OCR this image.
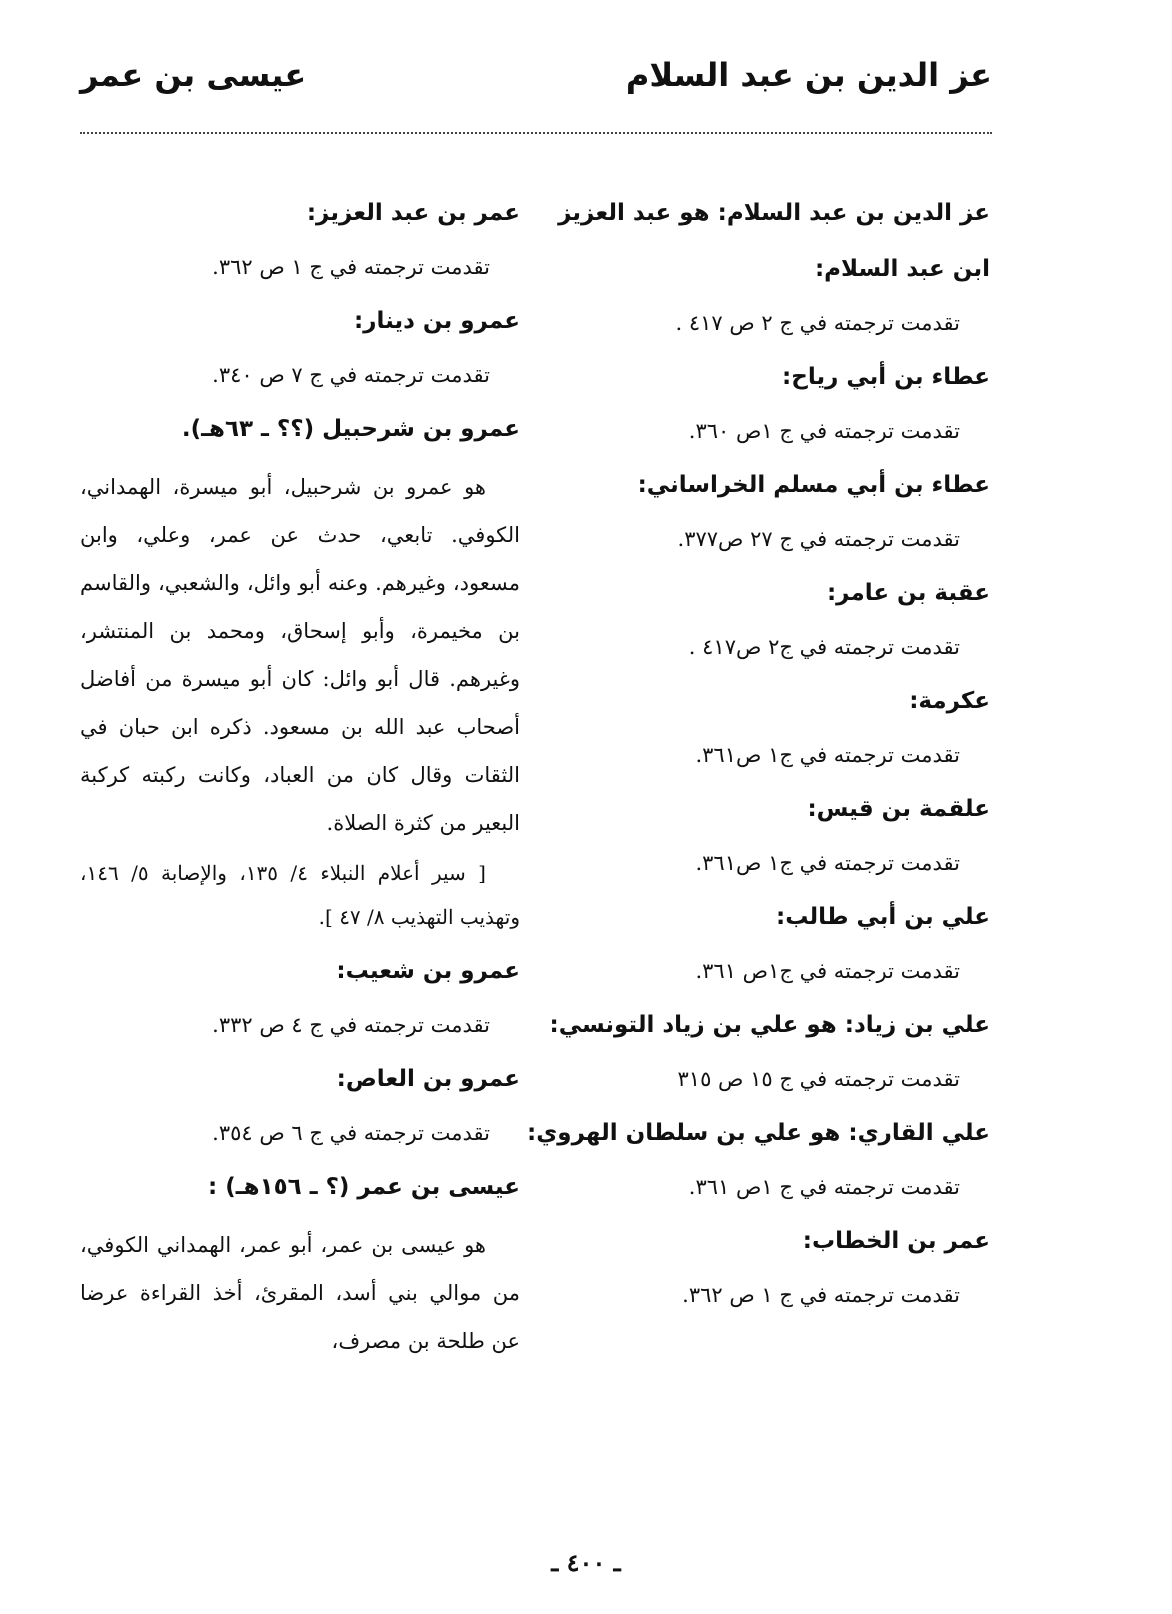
عز الدين بن عبد السلام
عيسى بن عمر
عز الدين بن عبد السلام: هو عبد العزيز
ابن عبد السلام:
تقدمت ترجمته في ج ٢ ص ٤١٧ .
عطاء بن أبي رياح:
تقدمت ترجمته في ج ١ص ٣٦٠.
عطاء بن أبي مسلم الخراساني:
تقدمت ترجمته في ج ٢٧ ص٣٧٧.
عقبة بن عامر:
تقدمت ترجمته في ج٢ ص٤١٧ .
عكرمة:
تقدمت ترجمته في ج١ ص٣٦١.
علقمة بن قيس:
تقدمت ترجمته في ج١ ص٣٦١.
علي بن أبي طالب:
تقدمت ترجمته في ج١ص ٣٦١.
علي بن زياد: هو علي بن زياد التونسي:
تقدمت ترجمته في ج ١٥ ص ٣١٥
علي القاري: هو علي بن سلطان الهروي:
تقدمت ترجمته في ج ١ص ٣٦١.
عمر بن الخطاب:
تقدمت ترجمته في ج ١ ص ٣٦٢.
عمر بن عبد العزيز:
تقدمت ترجمته في ج ١ ص ٣٦٢.
عمرو بن دينار:
تقدمت ترجمته في ج ٧ ص ٣٤٠.
عمرو بن شرحبيل (؟؟ ـ ٦٣هـ).

هو عمرو بن شرحبيل، أبو ميسرة، الهمداني، الكوفي. تابعي، حدث عن عمر، وعلي، وابن مسعود، وغيرهم. وعنه أبو وائل، والشعبي، والقاسم بن مخيمرة، وأبو إسحاق، ومحمد بن المنتشر، وغيرهم. قال أبو وائل: كان أبو ميسرة من أفاضل أصحاب عبد الله بن مسعود. ذكره ابن حبان في الثقات وقال كان من العباد، وكانت ركبته كركبة البعير من كثرة الصلاة.

[ سير أعلام النبلاء ٤/ ١٣٥، والإصابة ٥/ ١٤٦، وتهذيب التهذيب ٨/ ٤٧ ].

عمرو بن شعيب:
تقدمت ترجمته في ج ٤ ص ٣٣٢.
عمرو بن العاص:
تقدمت ترجمته في ج ٦ ص ٣٥٤.
عيسى بن عمر (؟ ـ ١٥٦هـ) :

هو عيسى بن عمر، أبو عمر، الهمداني الكوفي، من موالي بني أسد، المقرئ، أخذ القراءة عرضا عن طلحة بن مصرف،

ـ ٤٠٠ ـ
